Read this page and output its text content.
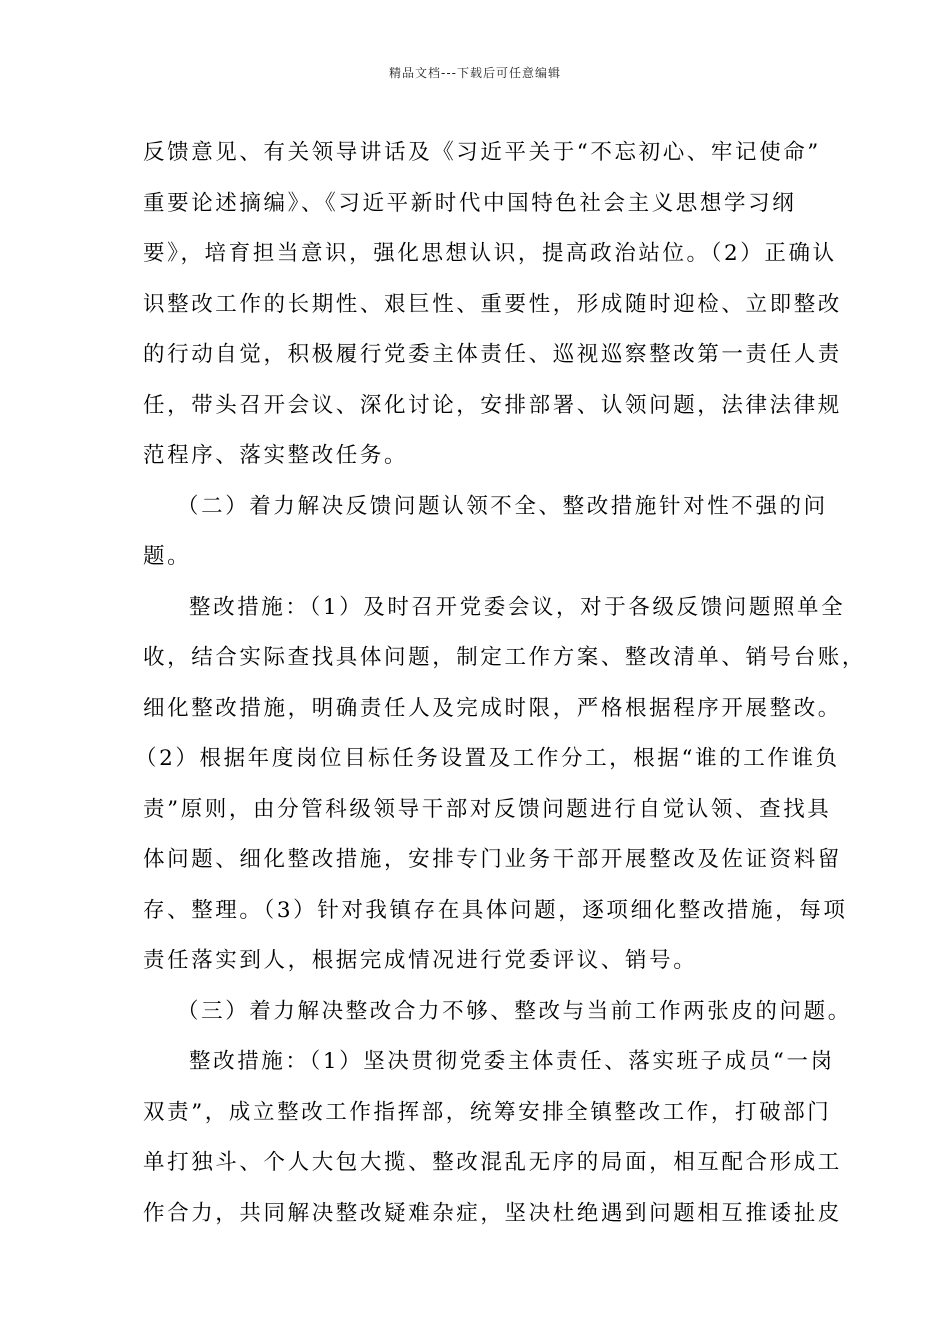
精品文档---下载后可任意编辑
反馈意见、有关领导讲话及《习近平关于“不忘初心、牢记使命”
重要论述摘编》、《习近平新时代中国特色社会主义思想学习纲
要》，培育担当意识，强化思想认识，提高政治站位。（2）正确认
识整改工作的长期性、艰巨性、重要性，形成随时迎检、立即整改
的行动自觉，积极履行党委主体责任、巡视巡察整改第一责任人责
任，带头召开会议、深化讨论，安排部署、认领问题，法律法律规
范程序、落实整改任务。
（二）着力解决反馈问题认领不全、整改措施针对性不强的问
题。
整改措施：（1）及时召开党委会议，对于各级反馈问题照单全
收，结合实际查找具体问题，制定工作方案、整改清单、销号台账，
细化整改措施，明确责任人及完成时限，严格根据程序开展整改。
（2）根据年度岗位目标任务设置及工作分工，根据“谁的工作谁负
责”原则，由分管科级领导干部对反馈问题进行自觉认领、查找具
体问题、细化整改措施，安排专门业务干部开展整改及佐证资料留
存、整理。（3）针对我镇存在具体问题，逐项细化整改措施，每项
责任落实到人，根据完成情况进行党委评议、销号。
（三）着力解决整改合力不够、整改与当前工作两张皮的问题。
整改措施：（1）坚决贯彻党委主体责任、落实班子成员“一岗
双责”，成立整改工作指挥部，统筹安排全镇整改工作，打破部门
单打独斗、个人大包大揽、整改混乱无序的局面，相互配合形成工
作合力，共同解决整改疑难杂症，坚决杜绝遇到问题相互推诿扯皮
